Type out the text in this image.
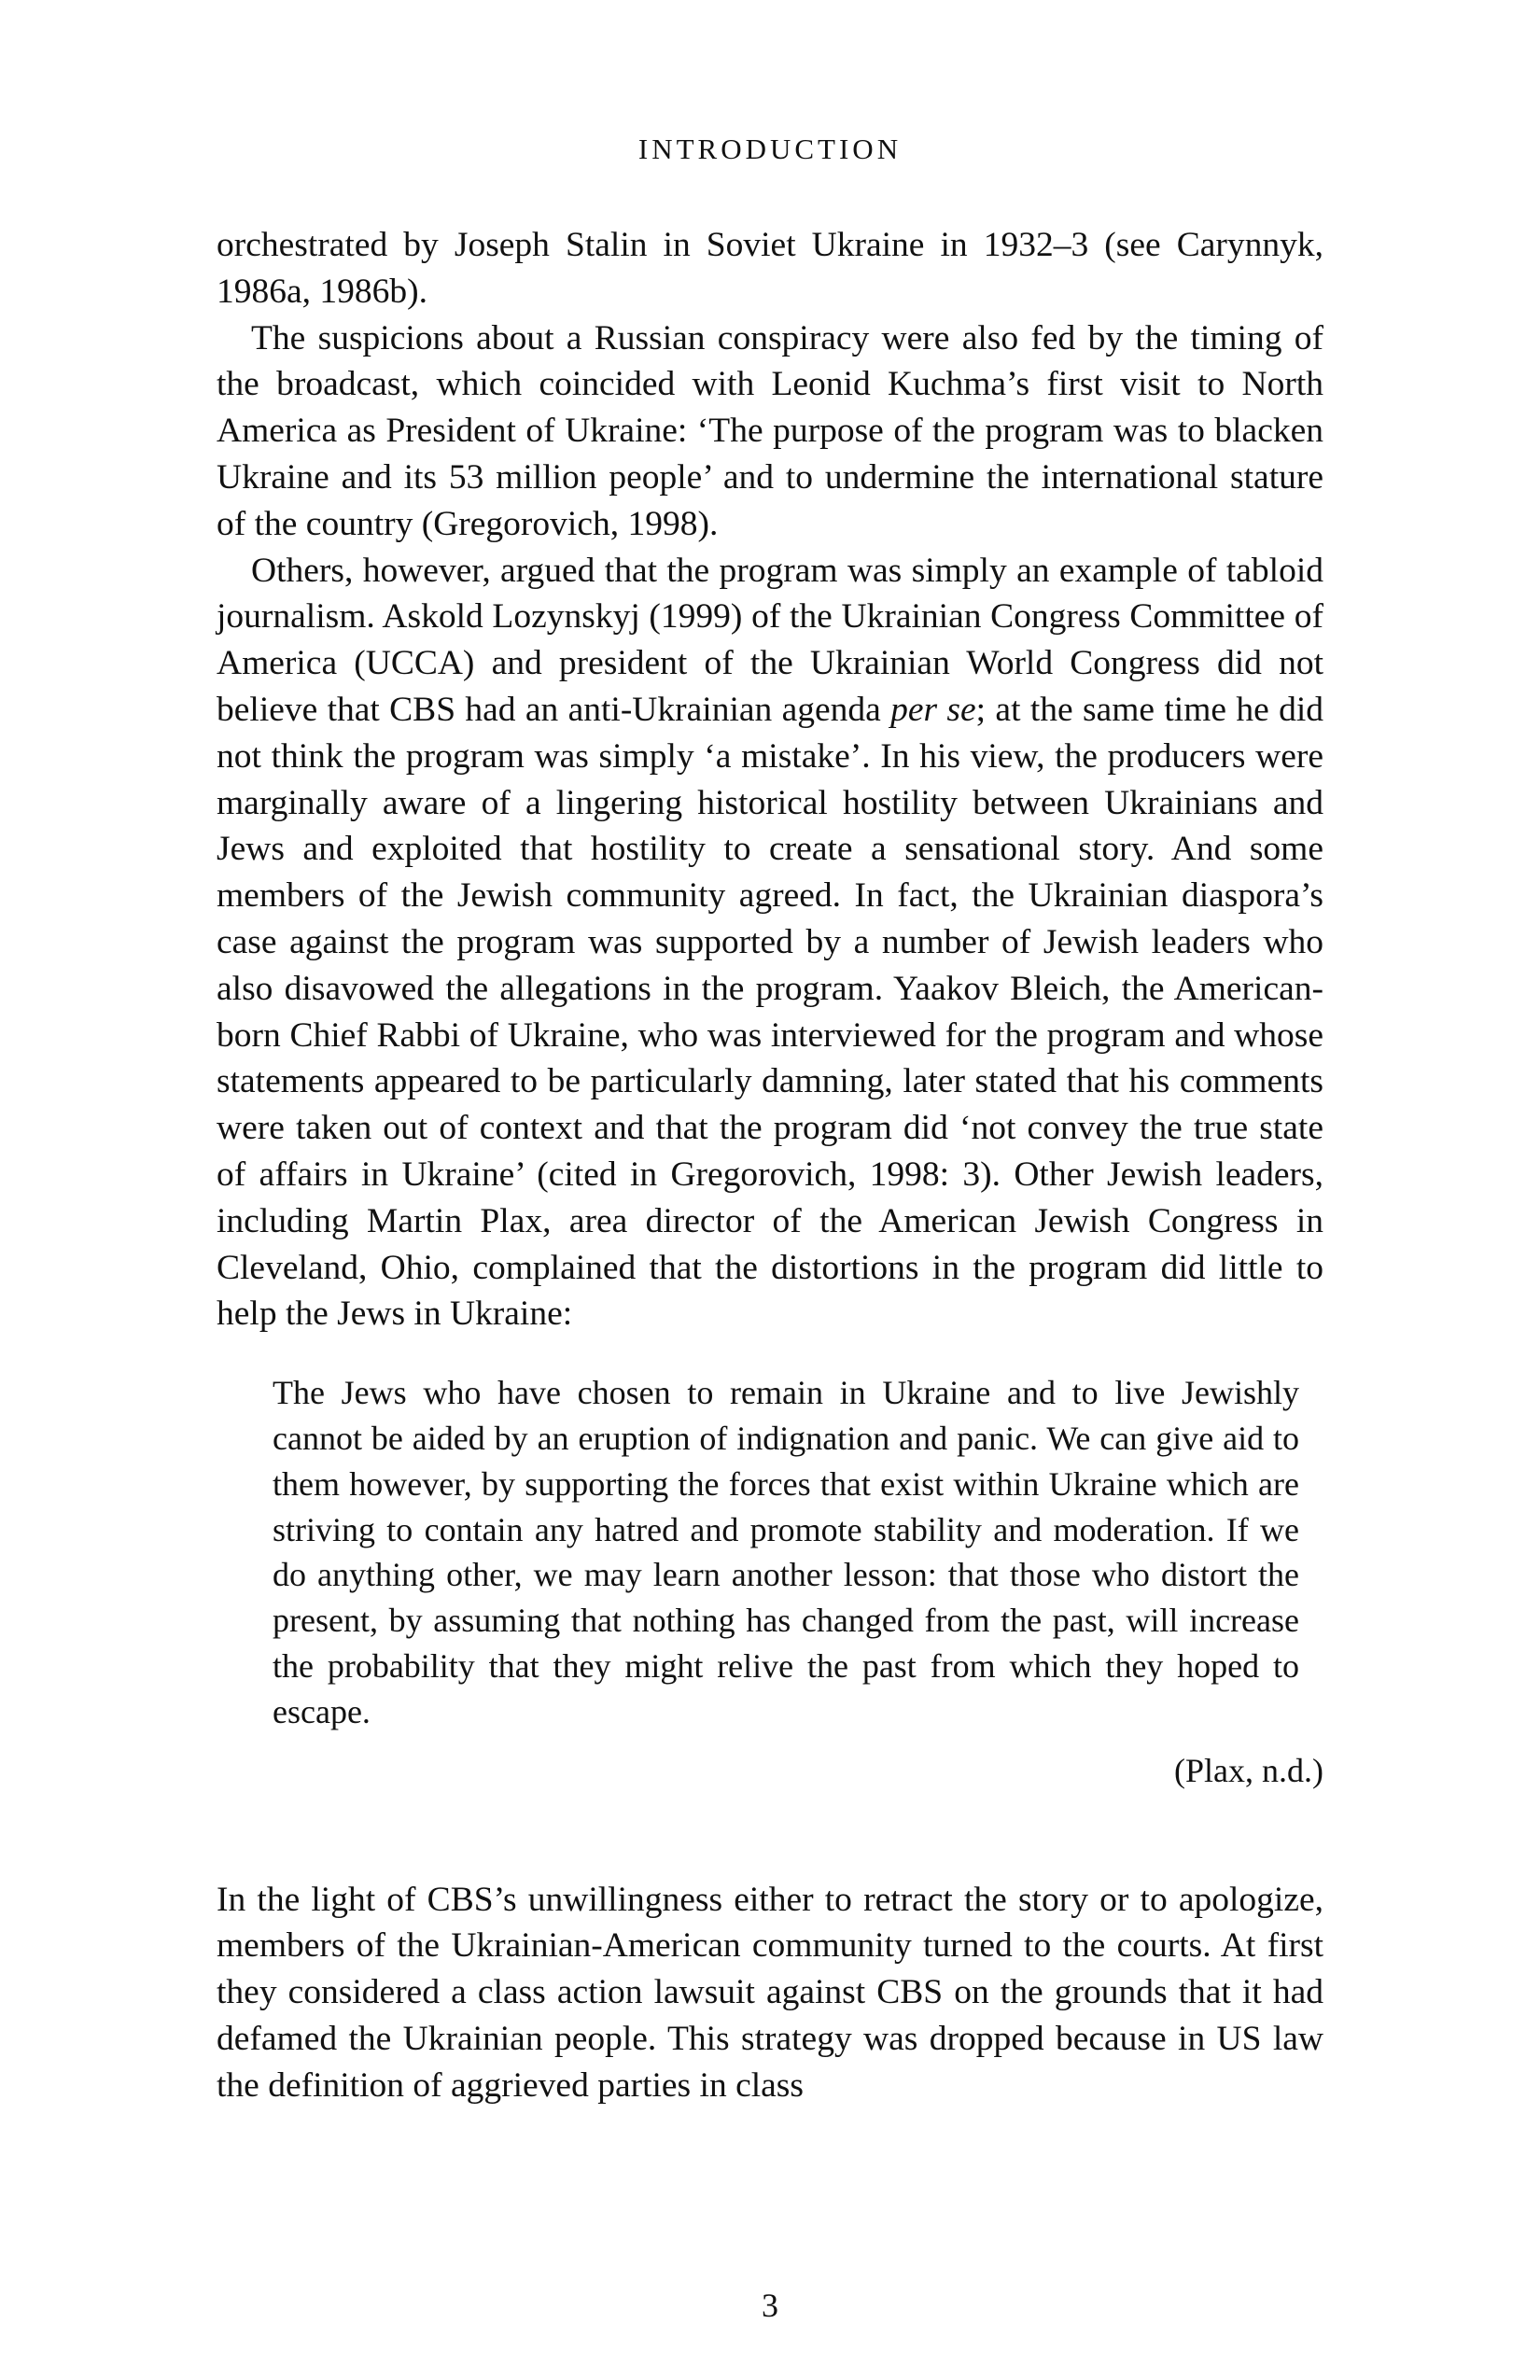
INTRODUCTION

orchestrated by Joseph Stalin in Soviet Ukraine in 1932–3 (see Carynnyk, 1986a, 1986b).

The suspicions about a Russian conspiracy were also fed by the timing of the broadcast, which coincided with Leonid Kuchma’s first visit to North America as President of Ukraine: ‘The purpose of the program was to blacken Ukraine and its 53 million people’ and to undermine the international stature of the country (Gregorovich, 1998).

Others, however, argued that the program was simply an example of tabloid journalism. Askold Lozynskyj (1999) of the Ukrainian Congress Committee of America (UCCA) and president of the Ukrainian World Congress did not believe that CBS had an anti-Ukrainian agenda per se; at the same time he did not think the program was simply ‘a mistake’. In his view, the producers were marginally aware of a lingering historical hostility between Ukrainians and Jews and exploited that hostility to create a sensational story. And some members of the Jewish community agreed. In fact, the Ukrainian diaspora’s case against the program was supported by a number of Jewish leaders who also disavowed the allegations in the program. Yaakov Bleich, the American-born Chief Rabbi of Ukraine, who was interviewed for the program and whose statements appeared to be particularly damning, later stated that his comments were taken out of context and that the program did ‘not convey the true state of affairs in Ukraine’ (cited in Gregorovich, 1998: 3). Other Jewish leaders, including Martin Plax, area director of the American Jewish Congress in Cleveland, Ohio, complained that the distortions in the program did little to help the Jews in Ukraine:

The Jews who have chosen to remain in Ukraine and to live Jewishly cannot be aided by an eruption of indignation and panic. We can give aid to them however, by supporting the forces that exist within Ukraine which are striving to contain any hatred and promote stability and moderation. If we do anything other, we may learn another lesson: that those who distort the present, by assuming that nothing has changed from the past, will increase the probability that they might relive the past from which they hoped to escape.

(Plax, n.d.)

In the light of CBS’s unwillingness either to retract the story or to apologize, members of the Ukrainian-American community turned to the courts. At first they considered a class action lawsuit against CBS on the grounds that it had defamed the Ukrainian people. This strategy was dropped because in US law the definition of aggrieved parties in class

3
